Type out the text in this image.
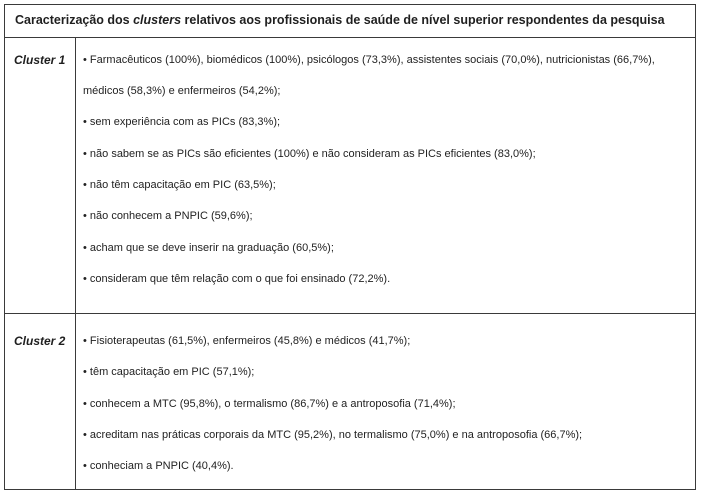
Caracterização dos clusters relativos aos profissionais de saúde de nível superior respondentes da pesquisa
Cluster 1 • Farmacêuticos (100%), biomédicos (100%), psicólogos (73,3%), assistentes sociais (70,0%), nutricionistas (66,7%),
médicos (58,3%) e enfermeiros (54,2%);
• sem experiência com as PICs (83,3%);
• não sabem se as PICs são eficientes (100%) e não consideram as PICs eficientes (83,0%);
• não têm capacitação em PIC (63,5%);
• não conhecem a PNPIC (59,6%);
• acham que se deve inserir na graduação (60,5%);
• consideram que têm relação com o que foi ensinado (72,2%).
Cluster 2 • Fisioterapeutas (61,5%), enfermeiros (45,8%) e médicos (41,7%);
• têm capacitação em PIC (57,1%);
• conhecem a MTC (95,8%), o termalismo (86,7%) e a antroposofia (71,4%);
• acreditam nas práticas corporais da MTC (95,2%), no termalismo (75,0%) e na antroposofia (66,7%);
• conheciam a PNPIC (40,4%).
